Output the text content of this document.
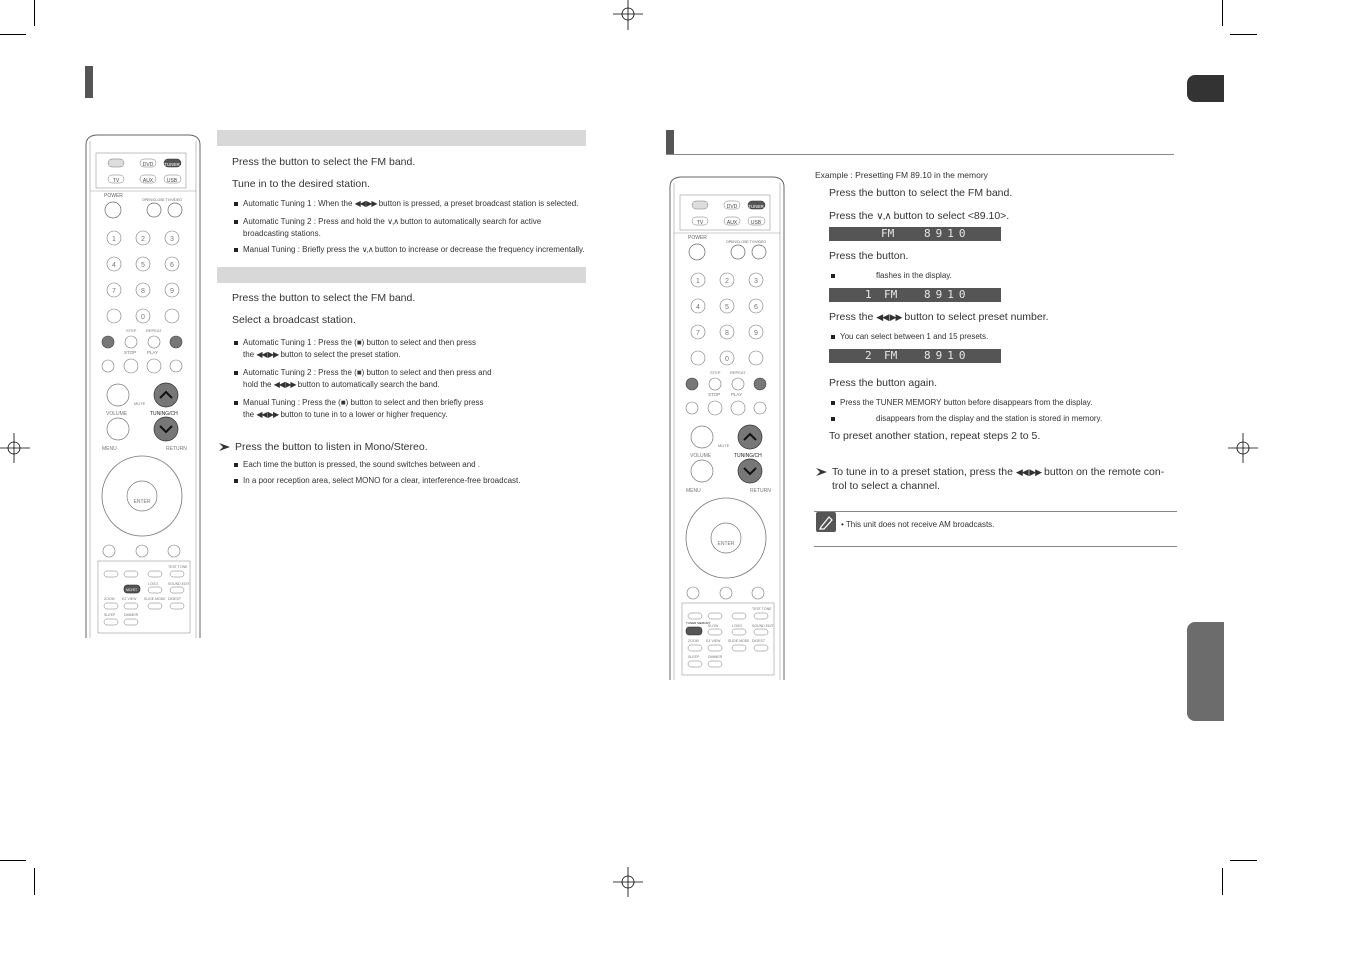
DVD TUNER
TV	AUX	USB
POWER
OPEN/CLOSE TV/VIDEO
1	2	3
4	5	6
7	8	9
0
STEP REPEAT
STOP PLAY
VOLUME
MUTE
TUNING/CH
MENU	RETURN
ENTER
MO/ST
LOGO	SOUND EDIT
ZOOM EZ VIEW SLIDE MODE DIGEST
SLEEP DIMMER
TEST TONE
Press the button to select the FM band.
Tune in to the desired station.
Automatic Tuning 1 : When the ◀◀ ▶▶ button is pressed, a preset broadcast station is selected.
Automatic Tuning 2 : Press and hold the ∨,∧ button to automatically search for active
broadcasting stations.
Manual Tuning : Briefly press the ∨,∧ button to increase or decrease the frequency incrementally.
Press the button to select the FM band.
Select a broadcast station.
Automatic Tuning 1 : Press the (■) button to select and then press
the ◀◀ ▶▶ button to select the preset station.
Automatic Tuning 2 : Press the (■) button to select and then press and
hold the ◀◀ ▶▶ button to automatically search the band.
Manual Tuning : Press the (■) button to select and then briefly press
the ◀◀ ▶▶ button to tune in to a lower or higher frequency.
Press the button to listen in Mono/Stereo.
Each time the button is pressed, the sound switches between and .
In a poor reception area, select MONO for a clear, interference-free broadcast.
DVD TUNER
TV	AUX	USB
POWER
OPEN/CLOSE TV/VIDEO
1	2	3
4	5	6
7	8	9
0
STEP REPEAT
STOP PLAY
VOLUME
MUTE
TUNING/CH
MENU	RETURN
ENTER
TUNER MEMORY
SLOW	LOGO	SOUND EDIT
ZOOM EZ VIEW SLIDE MODE DIGEST
SLEEP DIMMER
TEST TONE
Example : Presetting FM 89.10 in the memory
Press the button to select the FM band.
Press the ∨,∧ button to select <89.10>.
FM	8910
Press the button.
flashes in the display.
1 FM 8910
Press the ◀◀ ▶▶ button to select preset number.
You can select between 1 and 15 presets.
2 FM 8910
Press the button again.
Press the TUNER MEMORY button before disappears from the display.
disappears from the display and the station is stored in memory.
To preset another station, repeat steps 2 to 5.
To tune in to a preset station, press the ◀◀ ▶▶ button on the remote con-
trol to select a channel.
• This unit does not receive AM broadcasts.
